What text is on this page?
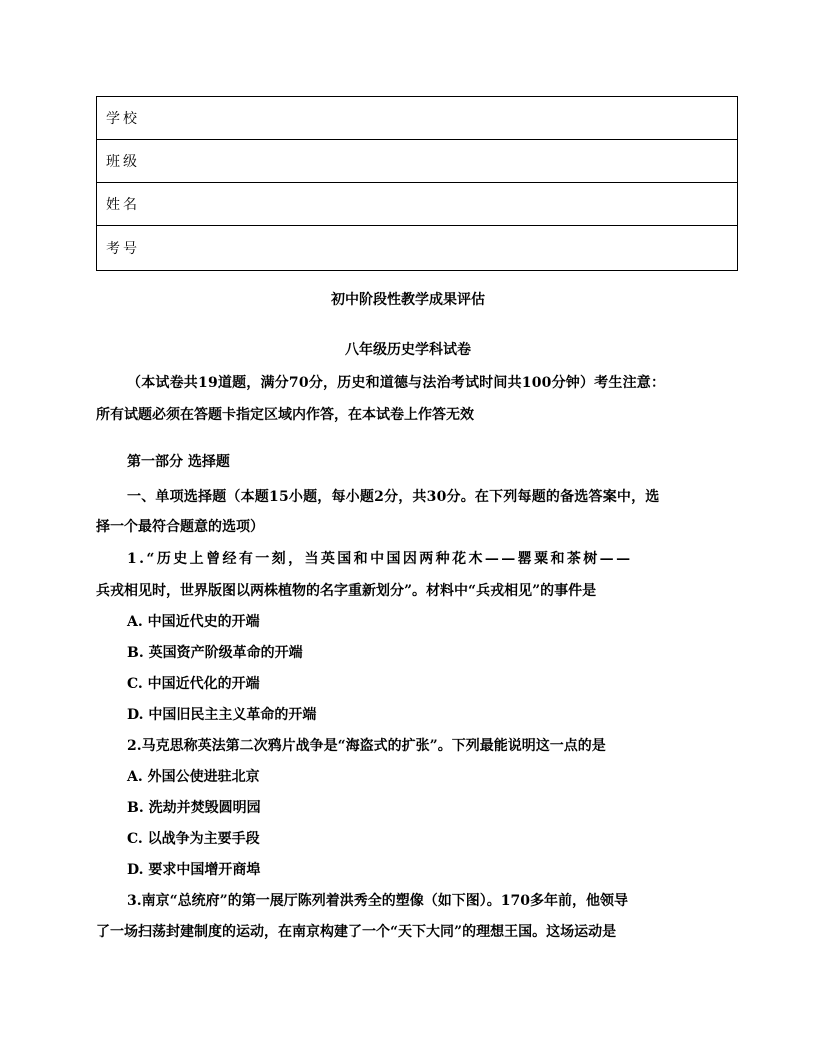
学校
班级
姓名
考号
初中阶段性教学成果评估
八年级历史学科试卷
（本试卷共19道题，满分70分，历史和道德与法治考试时间共100分钟）考生注意：
所有试题必须在答题卡指定区域内作答，在本试卷上作答无效
第一部分 选择题
一、单项选择题（本题15小题，每小题2分，共30分。在下列每题的备选答案中，选
择一个最符合题意的选项）
1.“历史上曾经有一刻，当英国和中国因两种花木——罂粟和茶树——
兵戎相见时，世界版图以两株植物的名字重新划分”。材料中“兵戎相见”的事件是
A. 中国近代史的开端
B. 英国资产阶级革命的开端
C. 中国近代化的开端
D. 中国旧民主主义革命的开端
2.马克思称英法第二次鸦片战争是“海盗式的扩张”。下列最能说明这一点的是
A. 外国公使进驻北京
B. 洗劫并焚毁圆明园
C. 以战争为主要手段
D. 要求中国增开商埠
3.南京“总统府”的第一展厅陈列着洪秀全的塑像（如下图）。170多年前，他领导
了一场扫荡封建制度的运动，在南京构建了一个“天下大同”的理想王国。这场运动是
